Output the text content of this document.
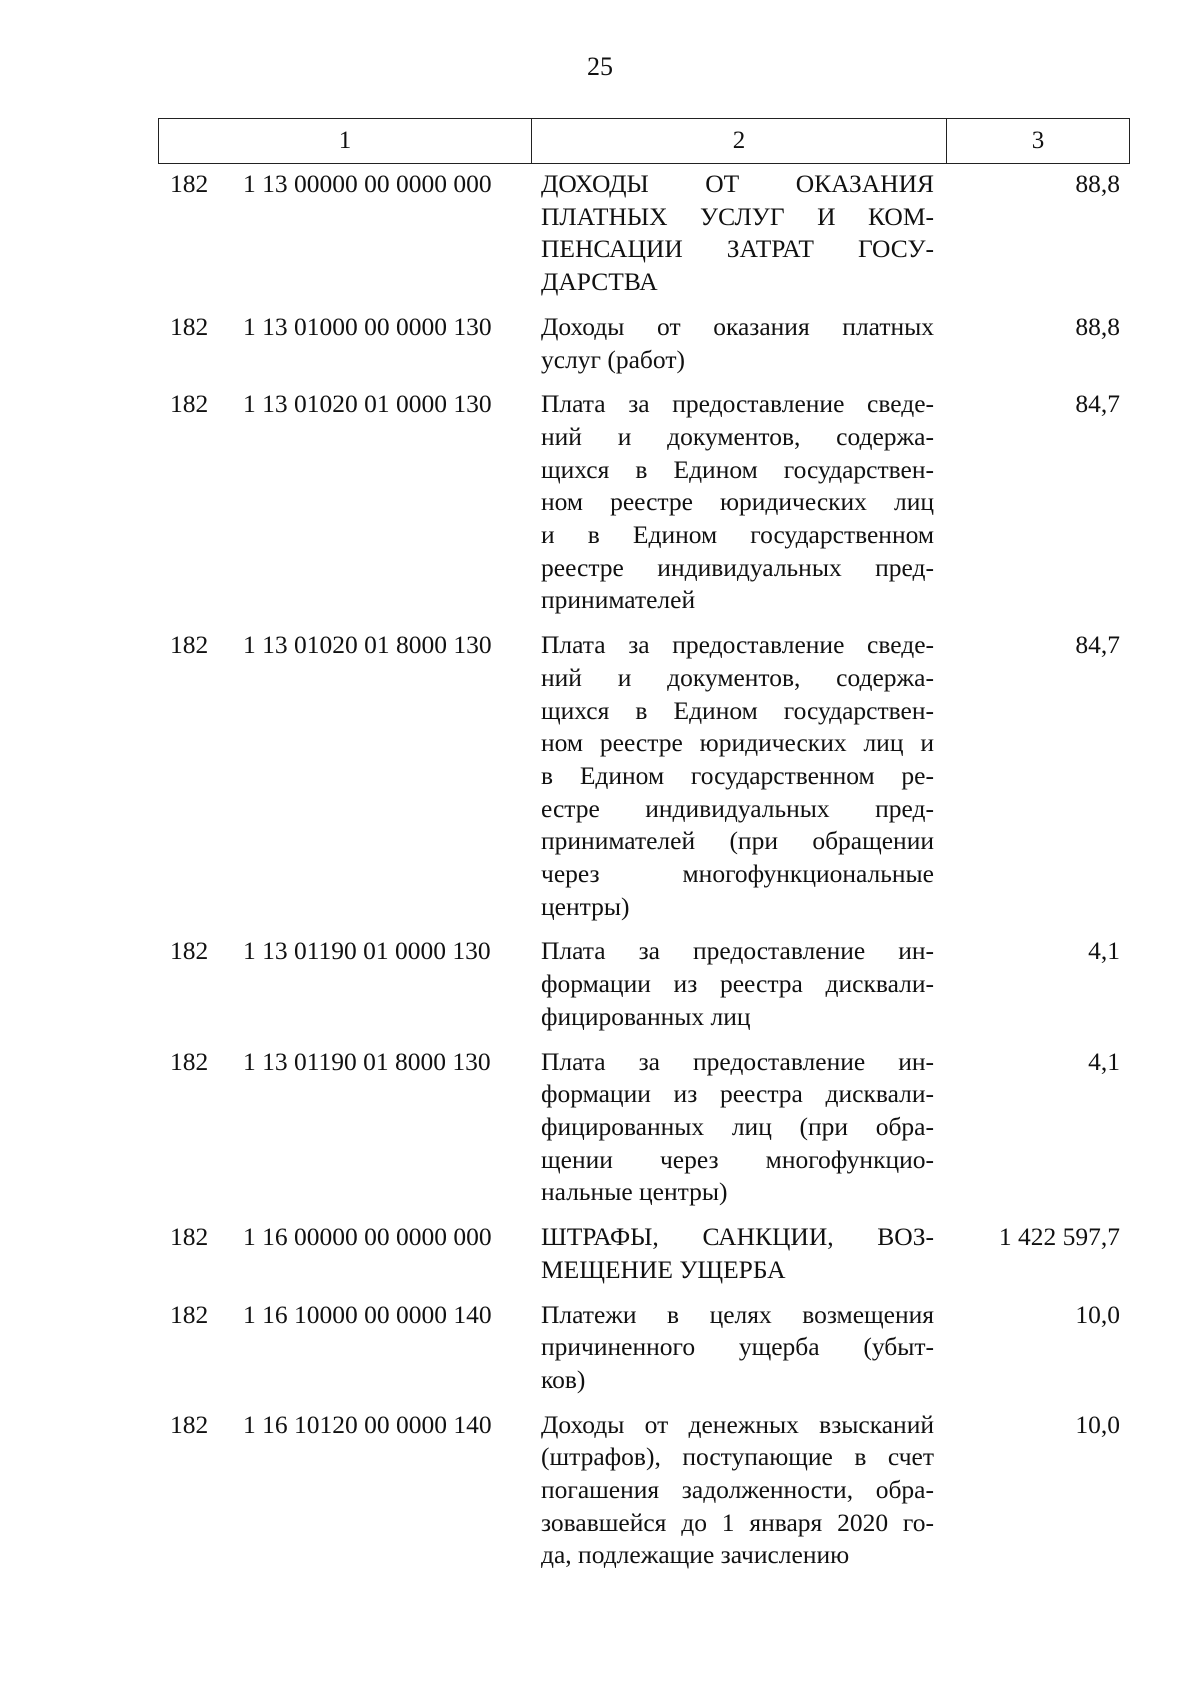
25
1	2	3
182 1 13 00000 00 0000 000 ДОХОДЫ ОТ ОКАЗАНИЯ
ПЛАТНЫХ УСЛУГ И КОМ-
ПЕНСАЦИИ ЗАТРАТ ГОСУ-
ДАРСТВА
88,8
182 1 13 01000 00 0000 130 Доходы от оказания платных
услуг (работ)
88,8
182 1 13 01020 01 0000 130 Плата за предоставление сведе-
ний и документов, содержа-
щихся в Едином государствен-
ном реестре юридических лиц
и в Едином государственном
реестре индивидуальных пред-
принимателей
84,7
182 1 13 01020 01 8000 130 Плата за предоставление сведе-
ний и документов, содержа-
щихся в Едином государствен-
ном реестре юридических лиц и
в Едином государственном ре-
естре индивидуальных пред-
принимателей (при обращении
через многофункциональные
центры)
84,7
182 1 13 01190 01 0000 130 Плата за предоставление ин-
формации из реестра дисквали-
фицированных лиц
4,1
182 1 13 01190 01 8000 130 Плата за предоставление ин-
формации из реестра дисквали-
фицированных лиц (при обра-
щении через многофункцио-
нальные центры)
4,1
182 1 16 00000 00 0000 000 ШТРАФЫ, САНКЦИИ, ВОЗ-
МЕЩЕНИЕ УЩЕРБА
1 422 597,7
182 1 16 10000 00 0000 140 Платежи в целях возмещения
причиненного ущерба (убыт-
ков)
10,0
182 1 16 10120 00 0000 140 Доходы от денежных взысканий
(штрафов), поступающие в счет
погашения задолженности, обра-
зовавшейся до 1 января 2020 го-
да, подлежащие зачислению
10,0
